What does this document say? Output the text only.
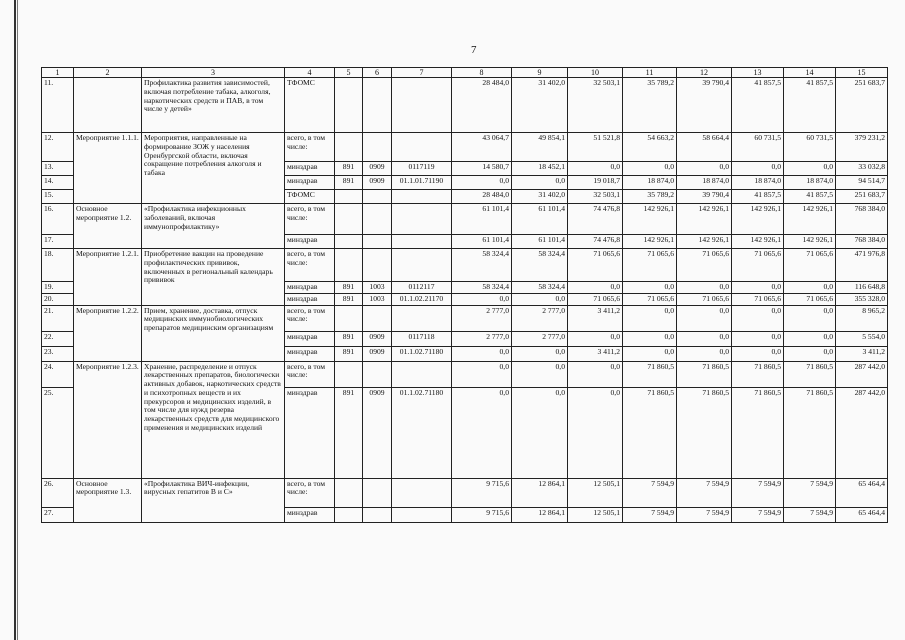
7
1	2	3	4	5	6	7	8	9	10	11	12	13	14	15
11.		Профилактика развития зависимостей, включая потребление табака, алкоголя, наркотических средств и ПАВ, в том числе у детей»	ТФОМС				28 484,0	31 402,0	32 503,1	35 789,2	39 790,4	41 857,5	41 857,5	251 683,7
12.	Мероприятие 1.1.1.	Мероприятия, направленные на формирование ЗОЖ у населения Оренбургской области, включая сокращение потребления алкоголя и табака	всего, в том числе:				43 064,7	49 854,1	51 521,8	54 663,2	58 664,4	60 731,5	60 731,5	379 231,2
13.			минздрав	891	0909	0117119	14 580,7	18 452,1	0,0	0,0	0,0	0,0	0,0	33 032,8
14.			минздрав	891	0909	01.1.01.71190	0,0	0,0	19 018,7	18 874,0	18 874,0	18 874,0	18 874,0	94 514,7
15.			ТФОМС				28 484,0	31 402,0	32 503,1	35 789,2	39 790,4	41 857,5	41 857,5	251 683,7
16.	Основное мероприятие 1.2.	«Профилактика инфекционных заболеваний, включая иммунопрофилактику»	всего, в том числе:				61 101,4	61 101,4	74 476,8	142 926,1	142 926,1	142 926,1	142 926,1	768 384,0
17.			минздрав				61 101,4	61 101,4	74 476,8	142 926,1	142 926,1	142 926,1	142 926,1	768 384,0
18.	Мероприятие 1.2.1.	Приобретение вакцин на проведение профилактических прививок, включенных в региональный календарь прививок	всего, в том числе:				58 324,4	58 324,4	71 065,6	71 065,6	71 065,6	71 065,6	71 065,6	471 976,8
19.			минздрав	891	1003	0112117	58 324,4	58 324,4	0,0	0,0	0,0	0,0	0,0	116 648,8
20.			минздрав	891	1003	01.1.02.21170	0,0	0,0	71 065,6	71 065,6	71 065,6	71 065,6	71 065,6	355 328,0
21.	Мероприятие 1.2.2.	Прием, хранение, доставка, отпуск медицинских иммунобиологических препаратов медицинским организациям	всего, в том числе:				2 777,0	2 777,0	3 411,2	0,0	0,0	0,0	0,0	8 965,2
22.			минздрав	891	0909	0117118	2 777,0	2 777,0	0,0	0,0	0,0	0,0	0,0	5 554,0
23.			минздрав	891	0909	01.1.02.71180	0,0	0,0	3 411,2	0,0	0,0	0,0	0,0	3 411,2
24.	Мероприятие 1.2.3.	Хранение, распределение и отпуск лекарственных препаратов, биологически активных добавок, наркотических средств и психотропных веществ и их прекурсоров и медицинских изделий, в том числе для нужд резерва лекарственных средств для медицинского применения и медицинских изделий	всего, в том числе:				0,0	0,0	0,0	71 860,5	71 860,5	71 860,5	71 860,5	287 442,0
25.			минздрав	891	0909	01.1.02.71180	0,0	0,0	0,0	71 860,5	71 860,5	71 860,5	71 860,5	287 442,0
26.	Основное мероприятие 1.3.	«Профилактика ВИЧ-инфекции, вирусных гепатитов В и С»	всего, в том числе:				9 715,6	12 864,1	12 505,1	7 594,9	7 594,9	7 594,9	7 594,9	65 464,4
27.			минздрав				9 715,6	12 864,1	12 505,1	7 594,9	7 594,9	7 594,9	7 594,9	65 464,4
